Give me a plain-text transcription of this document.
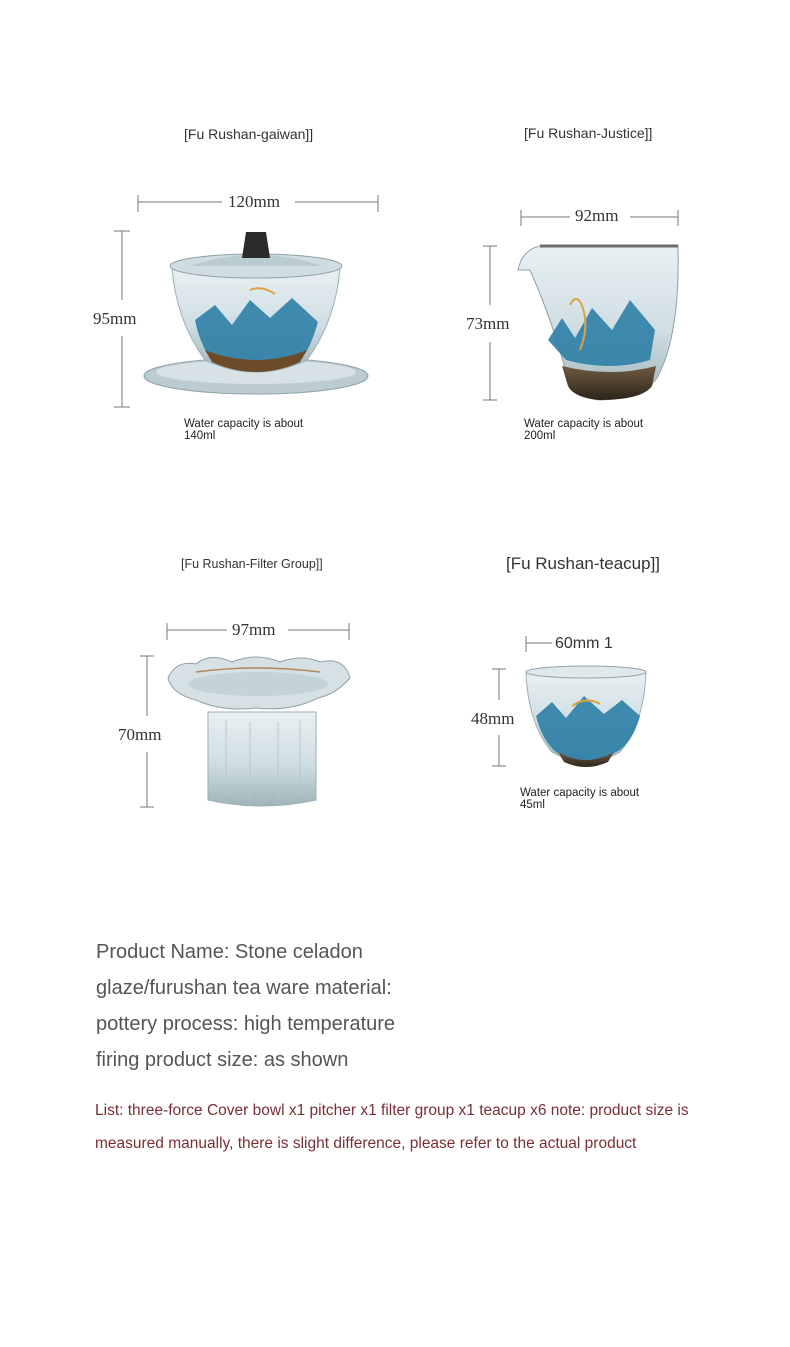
[Fu Rushan-gaiwan]]	[Fu Rushan-Justice]]
[Fu Rushan-Filter Group]]	[Fu Rushan-teacup]]
120mm
95mm
92mm
73mm
97mm
70mm
60mm 1
48mm
Water capacity is about
140ml
Water capacity is about
200ml
Water capacity is about
45ml
Product Name: Stone celadon
glaze/furushan tea ware material:
pottery process: high temperature
firing product size: as shown
List: three-force Cover bowl x1 pitcher x1 filter group x1 teacup x6 note: product size is
measured manually, there is slight difference, please refer to the actual product
